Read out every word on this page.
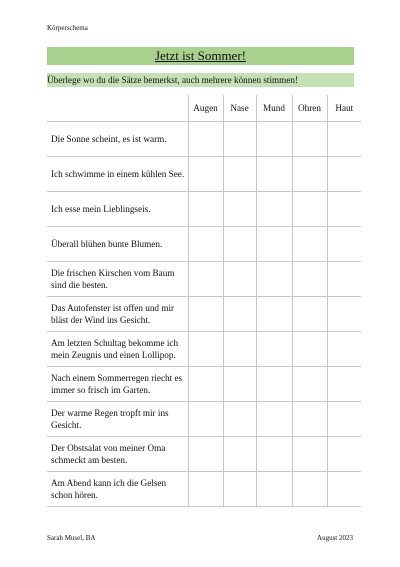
Körperschema
Jetzt ist Sommer!
Überlege wo du die Sätze bemerkst, auch mehrere können stimmen!
	Augen	Nase	Mund	Ohren	Haut
Die Sonne scheint, es ist warm.					
Ich schwimme in einem kühlen See.					
Ich esse mein Lieblingseis.					
Überall blühen bunte Blumen.					
Die frischen Kirschen vom Baum sind die besten.					
Das Autofenster ist offen und mir bläst der Wind ins Gesicht.					
Am letzten Schultag bekomme ich mein Zeugnis und einen Lollipop.					
Nach einem Sommerregen riecht es immer so frisch im Garten.					
Der warme Regen tropft mir ins Gesicht.					
Der Obstsalat von meiner Oma schmeckt am besten.					
Am Abend kann ich die Gelsen schon hören.					
Sarah Musel, BA	August 2023
